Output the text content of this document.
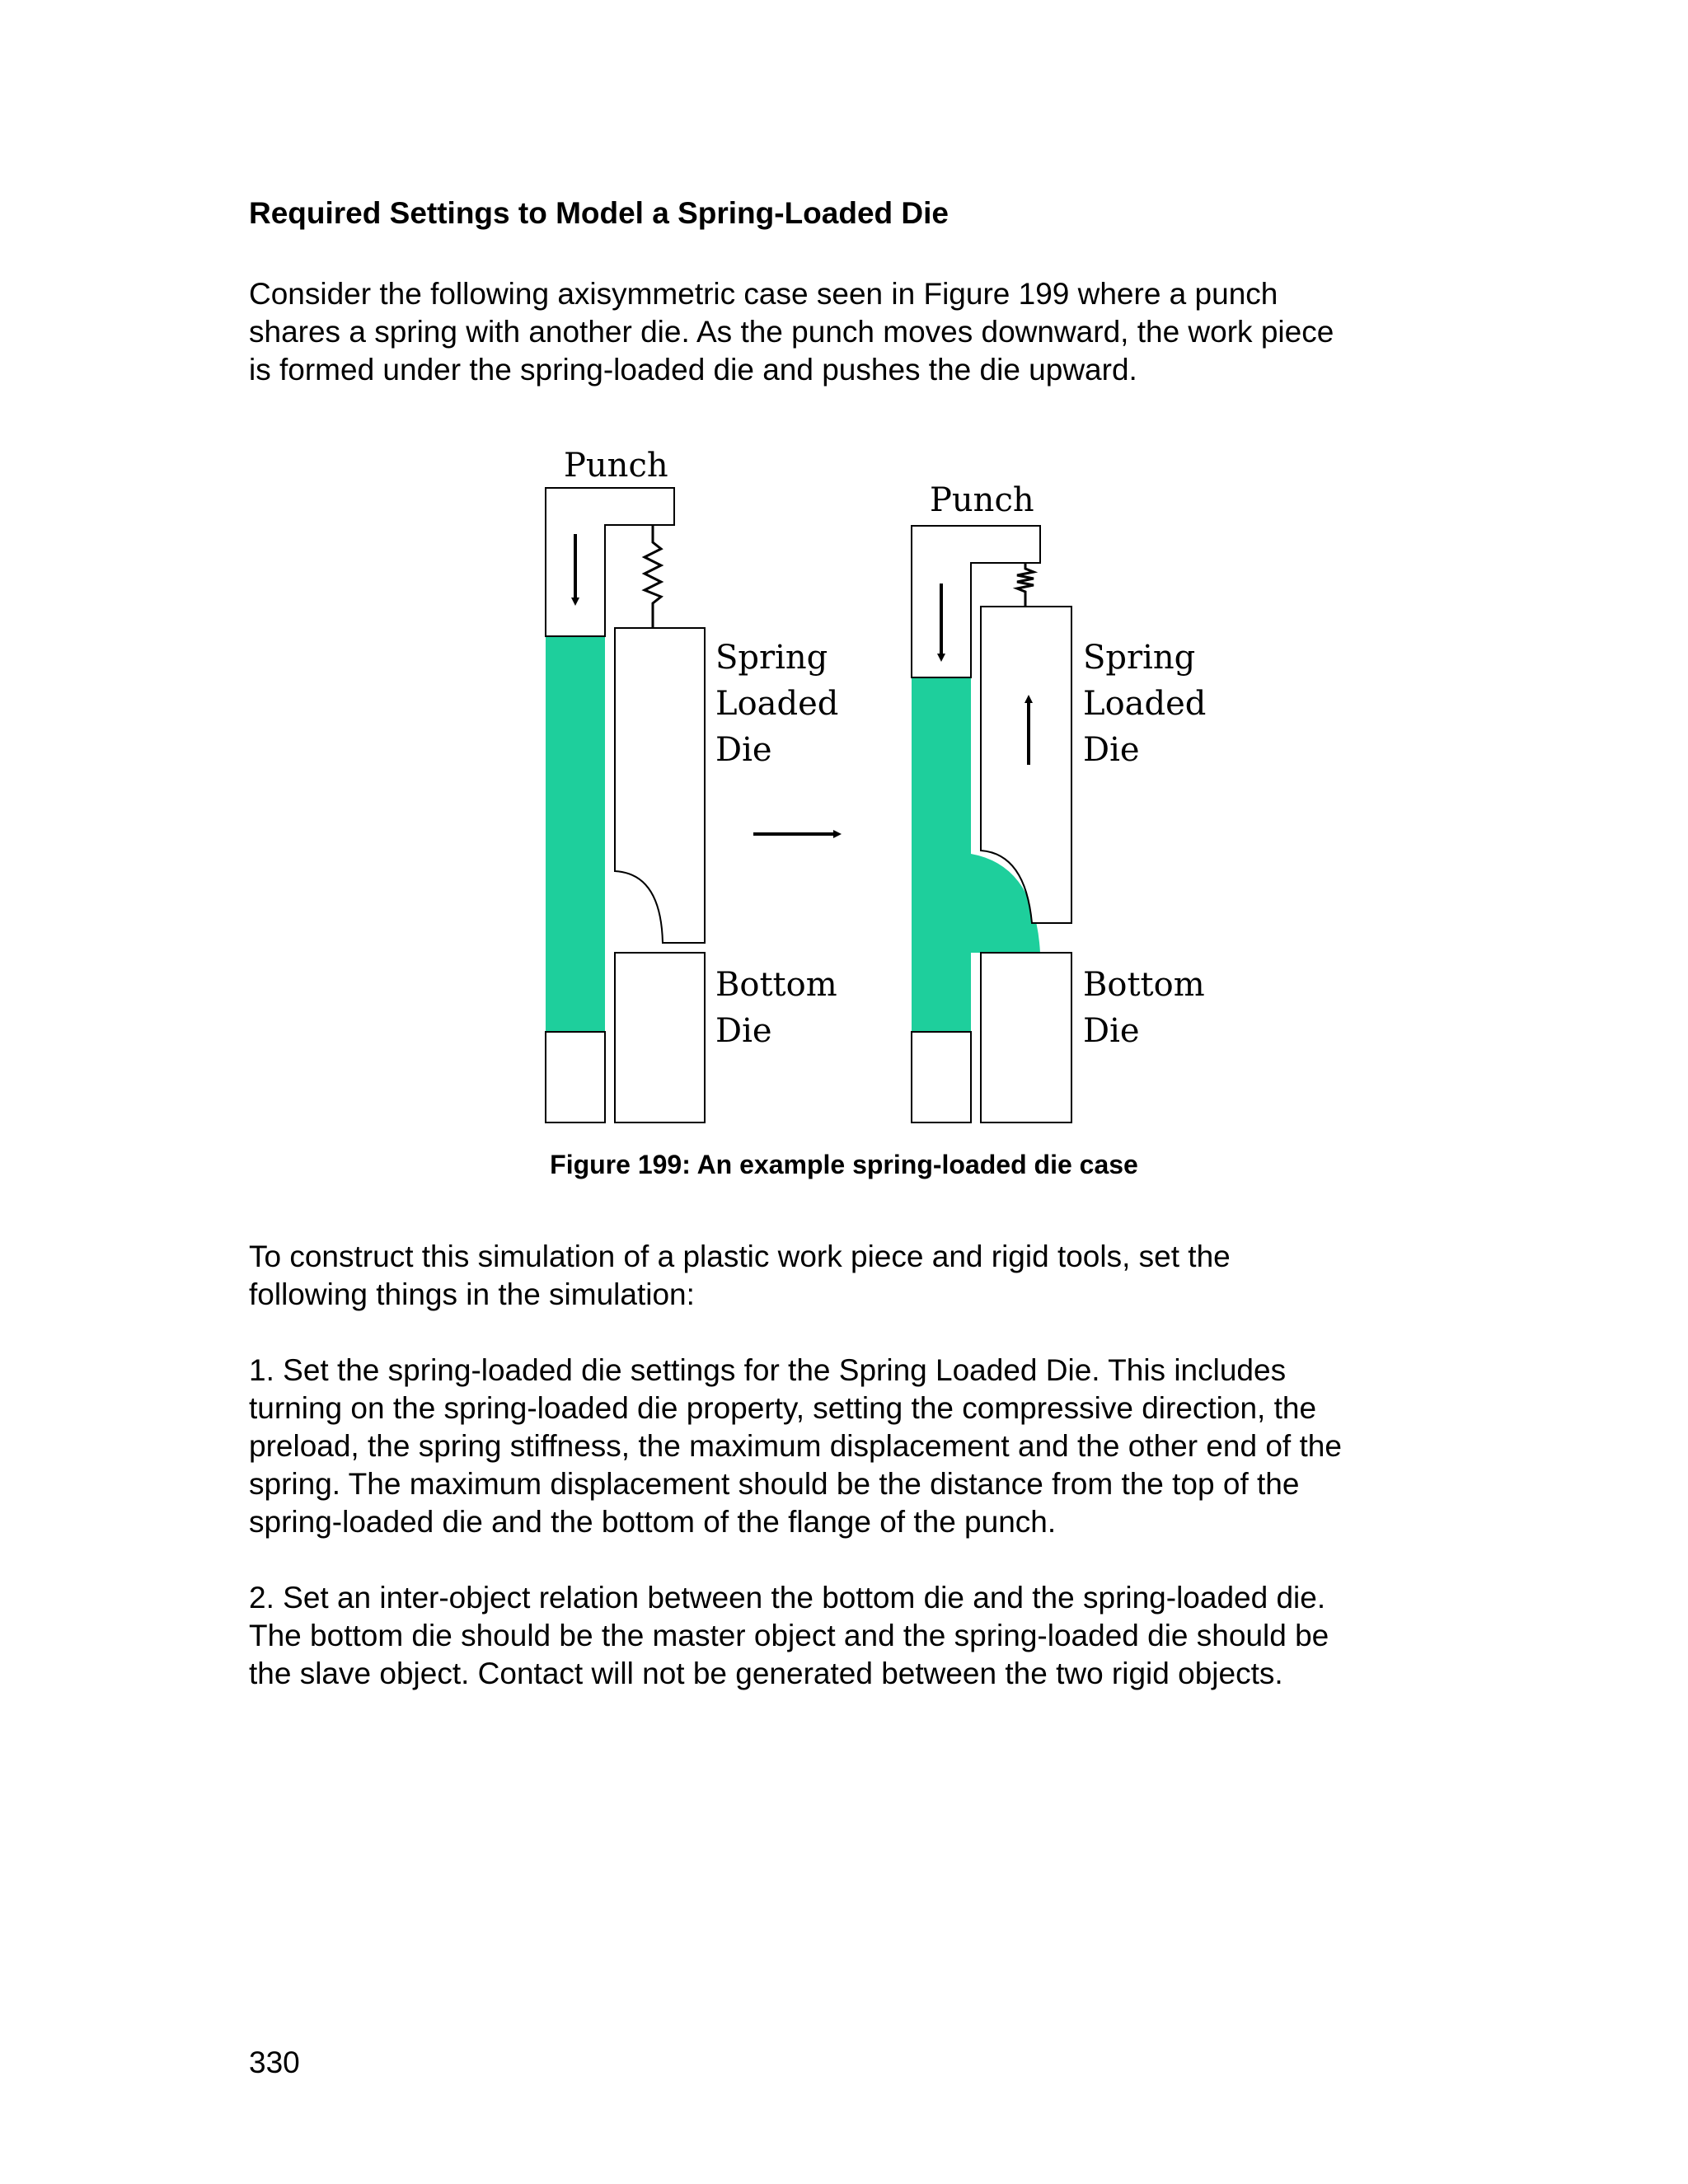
Required Settings to Model a Spring-Loaded Die

Consider the following axisymmetric case seen in Figure 199 where a punch
shares a spring with another die. As the punch moves downward, the work piece
is formed under the spring-loaded die and pushes the die upward.

Punch
Spring
Loaded
Die
Bottom
Die
Punch
Spring
Loaded
Die
Bottom
Die

Figure 199: An example spring-loaded die case

To construct this simulation of a plastic work piece and rigid tools, set the
following things in the simulation:

1. Set the spring-loaded die settings for the Spring Loaded Die. This includes
turning on the spring-loaded die property, setting the compressive direction, the
preload, the spring stiffness, the maximum displacement and the other end of the
spring. The maximum displacement should be the distance from the top of the
spring-loaded die and the bottom of the flange of the punch.

2. Set an inter-object relation between the bottom die and the spring-loaded die.
The bottom die should be the master object and the spring-loaded die should be
the slave object. Contact will not be generated between the two rigid objects.

330
